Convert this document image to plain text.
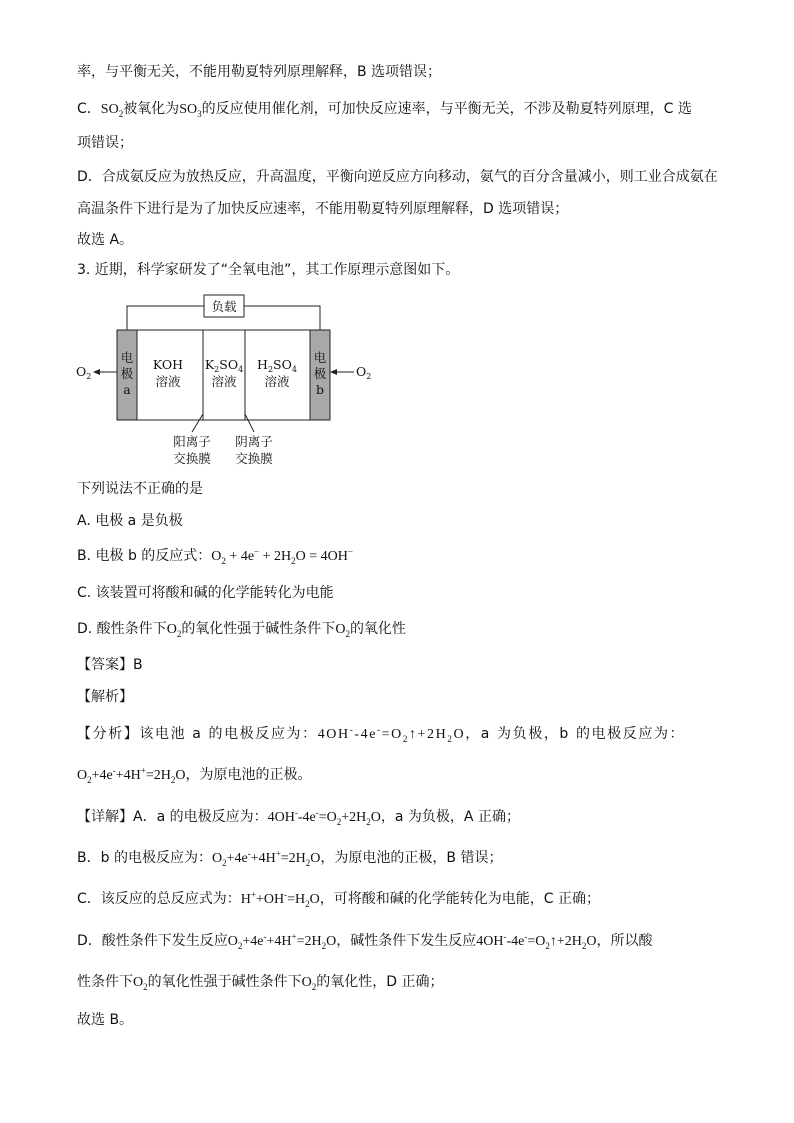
率，与平衡无关，不能用勒夏特列原理解释，B 选项错误；
C．$SO_2$被氧化为$SO_3$的反应使用催化剂，可加快反应速率，与平衡无关，不涉及勒夏特列原理，C 选
项错误；
D．合成氨反应为放热反应，升高温度，平衡向逆反应方向移动，氨气的百分含量减小，则工业合成氨在
高温条件下进行是为了加快反应速率，不能用勒夏特列原理解释，D 选项错误；
故选 A。
3. 近期，科学家研发了“全氧电池”，其工作原理示意图如下。
负载
电
极
a
电
极
b
KOH
溶液
$K_2SO_4$
溶液
$H_2SO_4$
溶液
$O_2$	$O_2$
阳离子
交换膜
阴离子
交换膜
下列说法不正确的是
A. 电极 a 是负极
B. 电极 b 的反应式：$O_2 + 4e^- + 2H_2O = 4OH^-$
C. 该装置可将酸和碱的化学能转化为电能
D. 酸性条件下$O_2$的氧化性强于碱性条件下$O_2$的氧化性
【答案】B
【解析】
【分析】该电池 a 的电极反应为：$4OH^--4e^-=O_2↑+2H_2O$，a 为负极，b 的电极反应为：
$O_2+4e^-+4H^+=2H_2O$，为原电池的正极。
【详解】A．a 的电极反应为：$4OH^--4e^-=O_2+2H_2O$，a 为负极，A 正确；
B．b 的电极反应为：$O_2+4e^-+4H^+=2H_2O$，为原电池的正极，B 错误；
C．该反应的总反应式为：$H^++OH^-=H_2O$，可将酸和碱的化学能转化为电能，C 正确；
D．酸性条件下发生反应$O_2+4e^-+4H^+=2H_2O$，碱性条件下发生反应$4OH^--4e^-=O_2↑+2H_2O$，所以酸
性条件下$O_2$的氧化性强于碱性条件下$O_2$的氧化性，D 正确；
故选 B。
